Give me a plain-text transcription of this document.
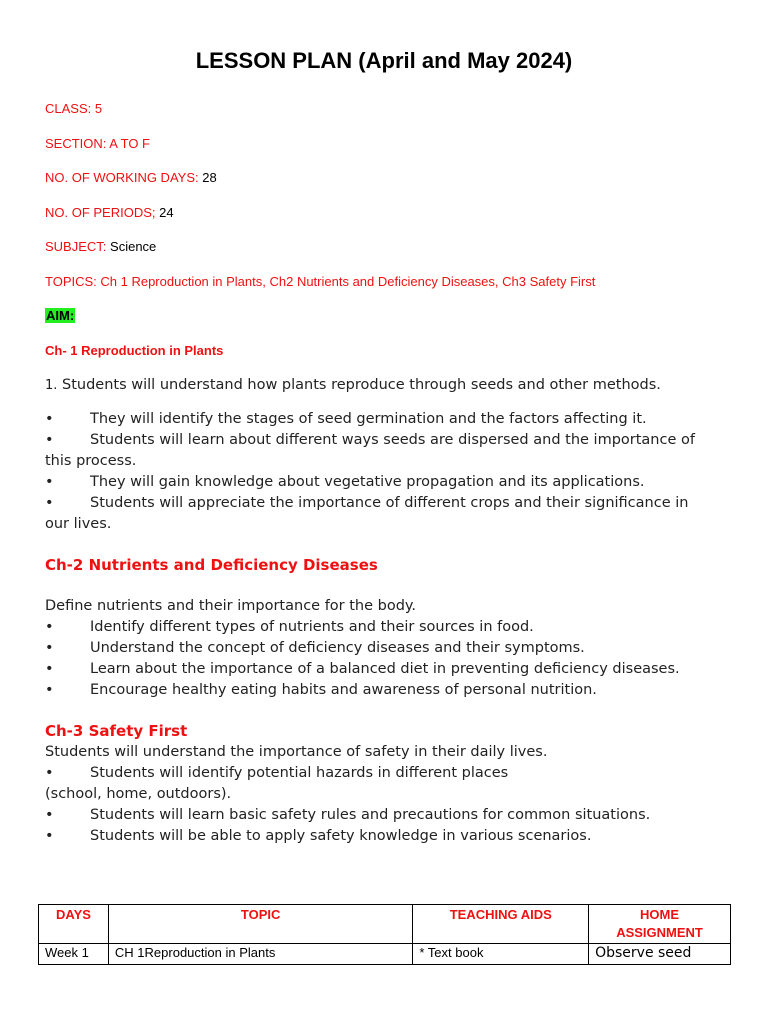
LESSON PLAN (April and May 2024)
CLASS: 5
SECTION: A TO F
NO. OF WORKING DAYS: 28
NO. OF PERIODS; 24
SUBJECT: Science
TOPICS: Ch 1 Reproduction in Plants, Ch2 Nutrients and Deficiency Diseases, Ch3 Safety First
AIM:
Ch- 1 Reproduction in Plants
1. Students will understand how plants reproduce through seeds and other methods.
•	They will identify the stages of seed germination and the factors affecting it.
•	Students will learn about different ways seeds are dispersed and the importance of
this process.
•	They will gain knowledge about vegetative propagation and its applications.
•	Students will appreciate the importance of different crops and their significance in
our lives.
Ch-2 Nutrients and Deficiency Diseases
Define nutrients and their importance for the body.
•	Identify different types of nutrients and their sources in food.
•	Understand the concept of deficiency diseases and their symptoms.
•	Learn about the importance of a balanced diet in preventing deficiency diseases.
•	Encourage healthy eating habits and awareness of personal nutrition.
Ch-3 Safety First
Students will understand the importance of safety in their daily lives.
•	Students will identify potential hazards in different places
(school, home, outdoors).
•	Students will learn basic safety rules and precautions for common situations.
•	Students will be able to apply safety knowledge in various scenarios.
DAYS	TOPIC	TEACHING AIDS	HOME
ASSIGNMENT
Week 1	CH 1Reproduction in Plants	* Text book	Observe seed
